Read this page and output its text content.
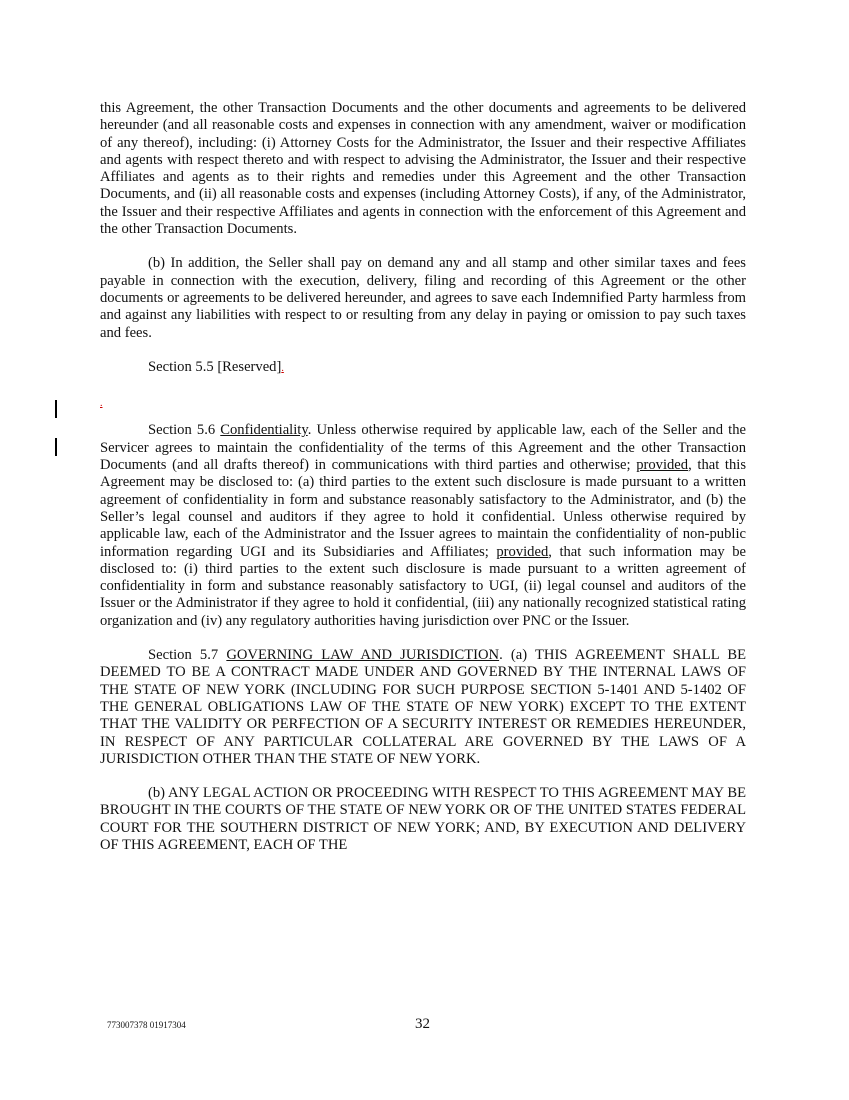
this Agreement, the other Transaction Documents and the other documents and agreements to be delivered hereunder (and all reasonable costs and expenses in connection with any amendment, waiver or modification of any thereof), including: (i) Attorney Costs for the Administrator, the Issuer and their respective Affiliates and agents with respect thereto and with respect to advising the Administrator, the Issuer and their respective Affiliates and agents as to their rights and remedies under this Agreement and the other Transaction Documents, and (ii) all reasonable costs and expenses (including Attorney Costs), if any, of the Administrator, the Issuer and their respective Affiliates and agents in connection with the enforcement of this Agreement and the other Transaction Documents.

(b) In addition, the Seller shall pay on demand any and all stamp and other similar taxes and fees payable in connection with the execution, delivery, filing and recording of this Agreement or the other documents or agreements to be delivered hereunder, and agrees to save each Indemnified Party harmless from and against any liabilities with respect to or resulting from any delay in paying or omission to pay such taxes and fees.

Section 5.5 [Reserved].

.

Section 5.6 Confidentiality. Unless otherwise required by applicable law, each of the Seller and the Servicer agrees to maintain the confidentiality of the terms of this Agreement and the other Transaction Documents (and all drafts thereof) in communications with third parties and otherwise; provided, that this Agreement may be disclosed to: (a) third parties to the extent such disclosure is made pursuant to a written agreement of confidentiality in form and substance reasonably satisfactory to the Administrator, and (b) the Seller’s legal counsel and auditors if they agree to hold it confidential. Unless otherwise required by applicable law, each of the Administrator and the Issuer agrees to maintain the confidentiality of non-public information regarding UGI and its Subsidiaries and Affiliates; provided, that such information may be disclosed to: (i) third parties to the extent such disclosure is made pursuant to a written agreement of confidentiality in form and substance reasonably satisfactory to UGI, (ii) legal counsel and auditors of the Issuer or the Administrator if they agree to hold it confidential, (iii) any nationally recognized statistical rating organization and (iv) any regulatory authorities having jurisdiction over PNC or the Issuer.

Section 5.7 GOVERNING LAW AND JURISDICTION. (a) THIS AGREEMENT SHALL BE DEEMED TO BE A CONTRACT MADE UNDER AND GOVERNED BY THE INTERNAL LAWS OF THE STATE OF NEW YORK (INCLUDING FOR SUCH PURPOSE SECTION 5-1401 AND 5-1402 OF THE GENERAL OBLIGATIONS LAW OF THE STATE OF NEW YORK) EXCEPT TO THE EXTENT THAT THE VALIDITY OR PERFECTION OF A SECURITY INTEREST OR REMEDIES HEREUNDER, IN RESPECT OF ANY PARTICULAR COLLATERAL ARE GOVERNED BY THE LAWS OF A JURISDICTION OTHER THAN THE STATE OF NEW YORK.

(b) ANY LEGAL ACTION OR PROCEEDING WITH RESPECT TO THIS AGREEMENT MAY BE BROUGHT IN THE COURTS OF THE STATE OF NEW YORK OR OF THE UNITED STATES FEDERAL COURT FOR THE SOUTHERN DISTRICT OF NEW YORK; AND, BY EXECUTION AND DELIVERY OF THIS AGREEMENT, EACH OF THE

773007378 01917304	32
